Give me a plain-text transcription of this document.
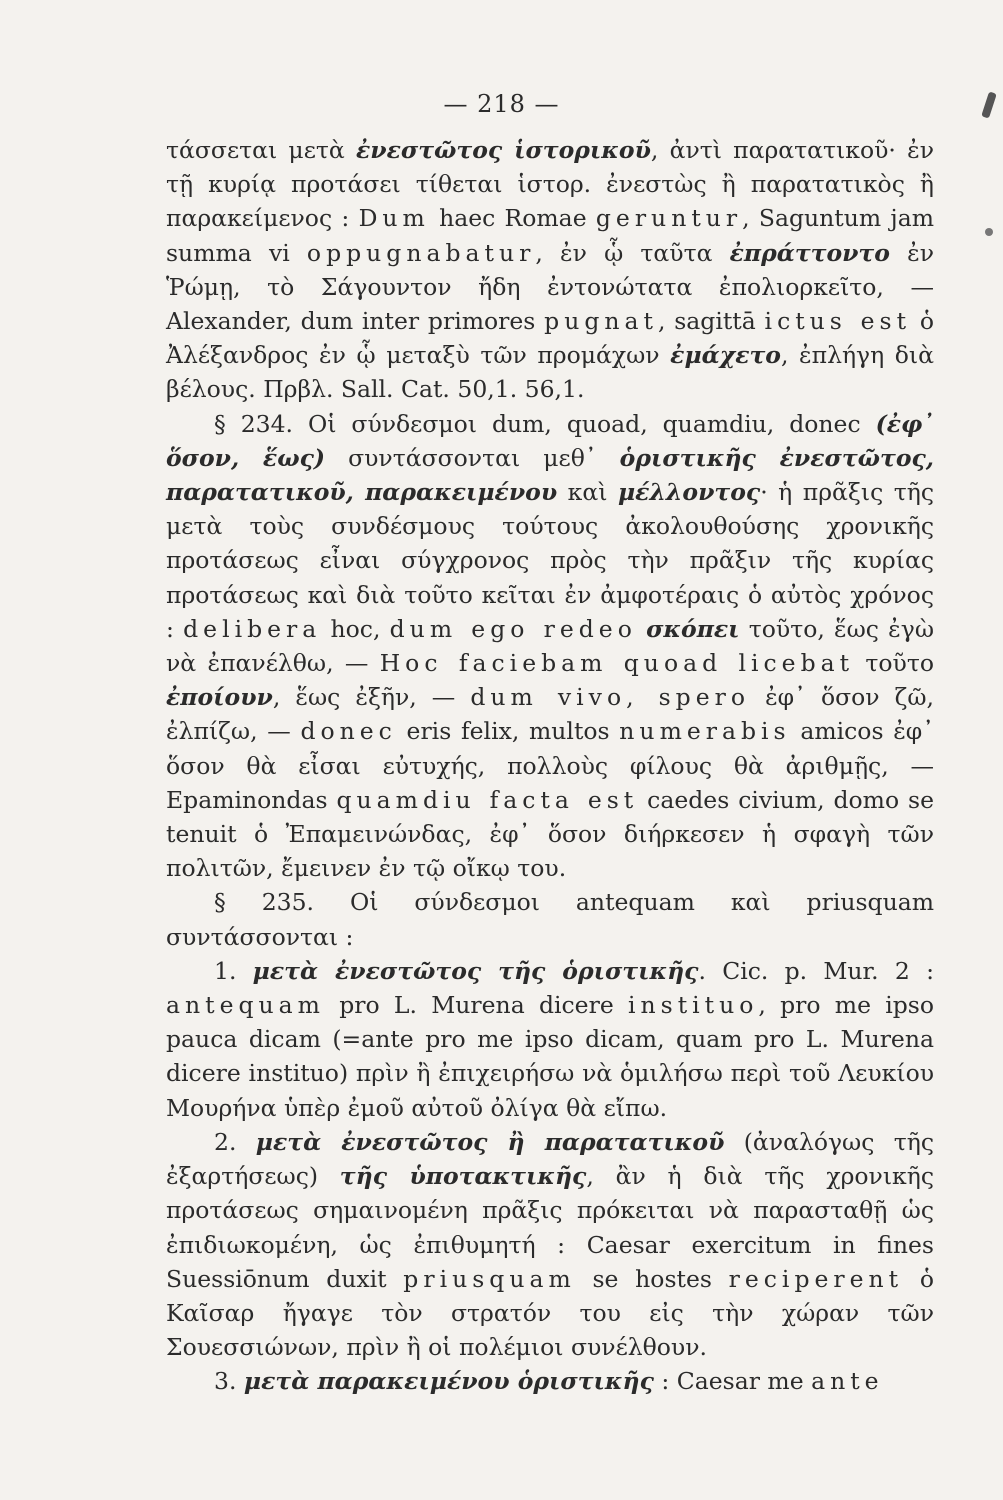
— 218 —

τάσσεται μετὰ ἐνεστῶτος ἱστορικοῦ, ἀντὶ παρατατικοῦ· ἐν τῇ κυρίᾳ προτάσει τίθεται ἱστορ. ἐνεστὼς ἢ παρατατικὸς ἢ παρακείμενος : Dum haec Romae geruntur, Saguntum jam summa vi oppugnabatur, ἐν ᾧ ταῦτα ἐπράττοντο ἐν Ῥώμῃ, τὸ Σάγουντον ἤδη ἐντονώτατα ἐπολιορκεῖτο, — Alexander, dum inter primores pugnat, sagittā ictus est ὁ Ἀλέξανδρος ἐν ᾧ μεταξὺ τῶν προμάχων ἐμάχετο, ἐπλήγη διὰ βέλους. Πρβλ. Sall. Cat. 50,1. 56,1.

§ 234. Οἱ σύνδεσμοι dum, quoad, quamdiu, donec (ἐφ᾽ ὅσον, ἕως) συντάσσονται μεθ᾽ ὁριστικῆς ἐνεστῶτος, παρατατικοῦ, παρακειμένου καὶ μέλλοντος· ἡ πρᾶξις τῆς μετὰ τοὺς συνδέσμους τούτους ἀκολουθούσης χρονικῆς προτάσεως εἶναι σύγχρονος πρὸς τὴν πρᾶξιν τῆς κυρίας προτάσεως καὶ διὰ τοῦτο κεῖται ἐν ἀμφοτέραις ὁ αὐτὸς χρόνος : delibera hoc, dum ego redeo σκόπει τοῦτο, ἕως ἐγὼ νὰ ἐπανέλθω, — Hoc faciebam quoad licebat τοῦτο ἐποίουν, ἕως ἐξῆν, — dum vivo, spero ἐφ᾽ ὅσον ζῶ, ἐλπίζω, — donec eris felix, multos numerabis amicos ἐφ᾽ ὅσον θὰ εἶσαι εὐτυχής, πολλοὺς φίλους θὰ ἀριθμῇς, — Epaminondas quamdiu facta est caedes civium, domo se tenuit ὁ Ἐπαμεινώνδας, ἐφ᾽ ὅσον διήρκεσεν ἡ σφαγὴ τῶν πολιτῶν, ἔμεινεν ἐν τῷ οἴκῳ του.

§ 235. Οἱ σύνδεσμοι antequam καὶ priusquam συντάσσονται :

1. μετὰ ἐνεστῶτος τῆς ὁριστικῆς. Cic. p. Mur. 2 : antequam pro L. Murena dicere instituo, pro me ipso pauca dicam (=ante pro me ipso dicam, quam pro L. Murena dicere instituo) πρὶν ἢ ἐπιχειρήσω νὰ ὁμιλήσω περὶ τοῦ Λευκίου Μουρήνα ὑπὲρ ἐμοῦ αὐτοῦ ὀλίγα θὰ εἴπω.

2. μετὰ ἐνεστῶτος ἢ παρατατικοῦ (ἀναλόγως τῆς ἐξαρτήσεως) τῆς ὑποτακτικῆς, ἂν ἡ διὰ τῆς χρονικῆς προτάσεως σημαινομένη πρᾶξις πρόκειται νὰ παρασταθῇ ὡς ἐπιδιωκομένη, ὡς ἐπιθυμητή : Caesar exercitum in fines Suessiōnum duxit priusquam se hostes reciperent ὁ Καῖσαρ ἤγαγε τὸν στρατόν του εἰς τὴν χώραν τῶν Σουεσσιώνων, πρὶν ἢ οἱ πολέμιοι συνέλθουν.

3. μετὰ παρακειμένου ὁριστικῆς : Caesar me ante
